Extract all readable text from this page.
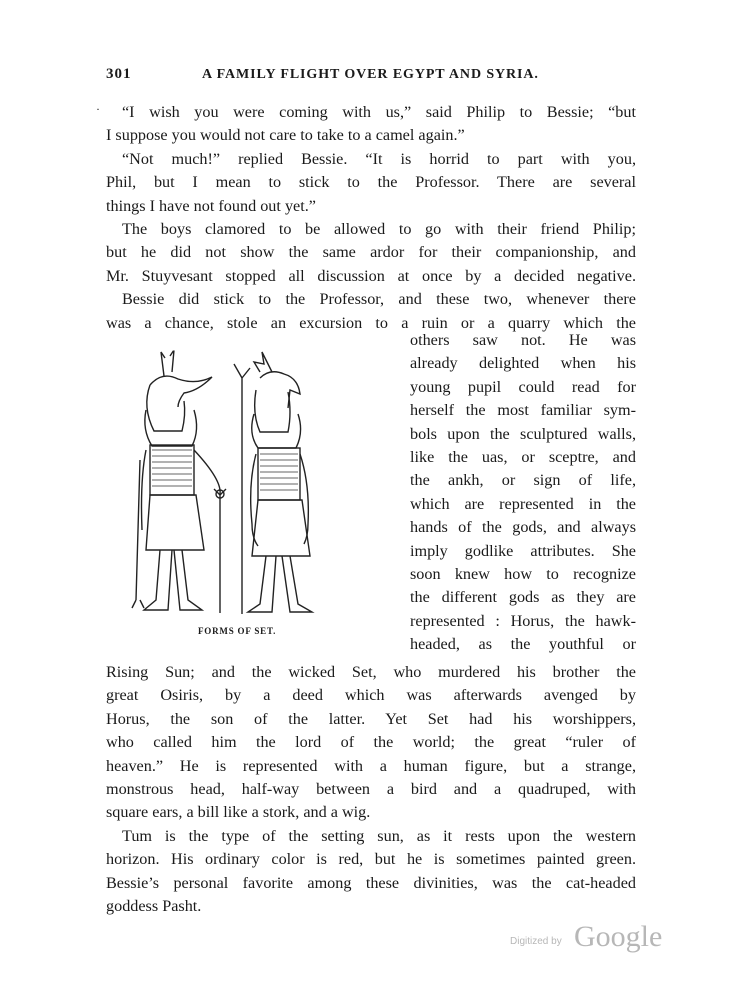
301	A FAMILY FLIGHT OVER EGYPT AND SYRIA.
·	“I wish you were coming with us,” said Philip to Bessie; “but
I suppose you would not care to take to a camel again.”
“Not much!” replied Bessie. “It is horrid to part with you,
Phil, but I mean to stick to the Professor. There are several
things I have not found out yet.”
The boys clamored to be allowed to go with their friend Philip;
but he did not show the same ardor for their companionship, and
Mr. Stuyvesant stopped all discussion at once by a decided negative.
Bessie did stick to the Professor, and these two, whenever there
was a chance, stole an excursion to a ruin or a quarry which the
FORMS OF SET.
others saw not. He was
already delighted when his
young pupil could read for
herself the most familiar sym-
bols upon the sculptured walls,
like the uas, or sceptre, and
the ankh, or sign of life,
which are represented in the
hands of the gods, and always
imply godlike attributes. She
soon knew how to recognize
the different gods as they are
represented : Horus, the hawk-
headed, as the youthful or
Rising Sun; and the wicked Set, who murdered his brother the
great Osiris, by a deed which was afterwards avenged by
Horus, the son of the latter. Yet Set had his worshippers,
who called him the lord of the world; the great “ruler of
heaven.” He is represented with a human figure, but a strange,
monstrous head, half-way between a bird and a quadruped, with
square ears, a bill like a stork, and a wig.
Tum is the type of the setting sun, as it rests upon the western
horizon. His ordinary color is red, but he is sometimes painted green.
Bessie’s personal favorite among these divinities, was the cat-headed
goddess Pasht.
Digitized by Google
